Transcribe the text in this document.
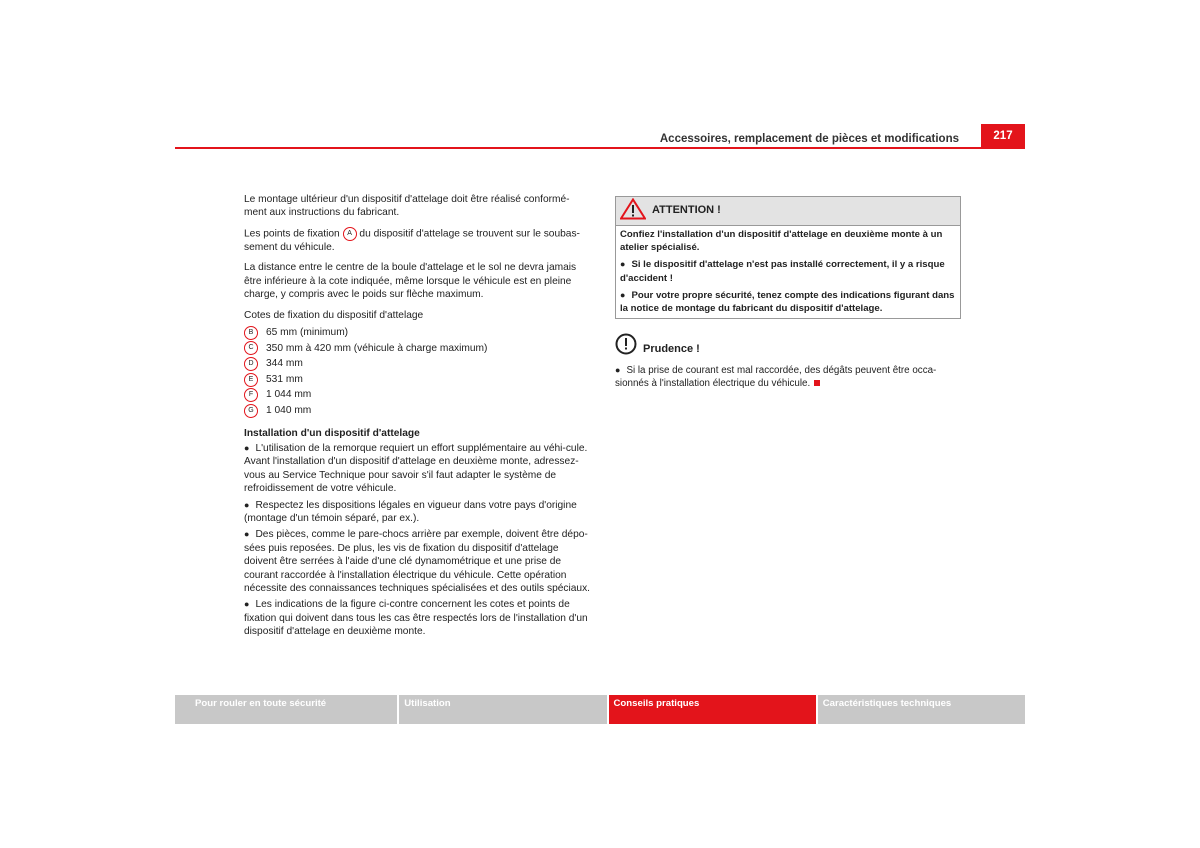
Accessoires, remplacement de pièces et modifications	217

Le montage ultérieur d'un dispositif d'attelage doit être réalisé conformé-ment aux instructions du fabricant.

Les points de fixation A du dispositif d'attelage se trouvent sur le soubas-sement du véhicule.

La distance entre le centre de la boule d'attelage et le sol ne devra jamais être inférieure à la cote indiquée, même lorsque le véhicule est en pleine charge, y compris avec le poids sur flèche maximum.

Cotes de fixation du dispositif d'attelage

B	65 mm (minimum)
C	350 mm à 420 mm (véhicule à charge maximum)
D	344 mm
E	531 mm
F	1 044 mm
G	1 040 mm

Installation d'un dispositif d'attelage

● L'utilisation de la remorque requiert un effort supplémentaire au véhi-cule. Avant l'installation d'un dispositif d'attelage en deuxième monte, adressez-vous au Service Technique pour savoir s'il faut adapter le système de refroidissement de votre véhicule.

● Respectez les dispositions légales en vigueur dans votre pays d'origine (montage d'un témoin séparé, par ex.).

● Des pièces, comme le pare-chocs arrière par exemple, doivent être dépo-sées puis reposées. De plus, les vis de fixation du dispositif d'attelage doivent être serrées à l'aide d'une clé dynamométrique et une prise de courant raccordée à l'installation électrique du véhicule. Cette opération nécessite des connaissances techniques spécialisées et des outils spéciaux.

● Les indications de la figure ci-contre concernent les cotes et points de fixation qui doivent dans tous les cas être respectés lors de l'installation d'un dispositif d'attelage en deuxième monte.

ATTENTION !

Confiez l'installation d'un dispositif d'attelage en deuxième monte à un atelier spécialisé.

● Si le dispositif d'attelage n'est pas installé correctement, il y a risque d'accident !

● Pour votre propre sécurité, tenez compte des indications figurant dans la notice de montage du fabricant du dispositif d'attelage.

Prudence !
● Si la prise de courant est mal raccordée, des dégâts peuvent être occa-sionnés à l'installation électrique du véhicule.
Pour rouler en toute sécurité	Utilisation	Conseils pratiques	Caractéristiques techniques
